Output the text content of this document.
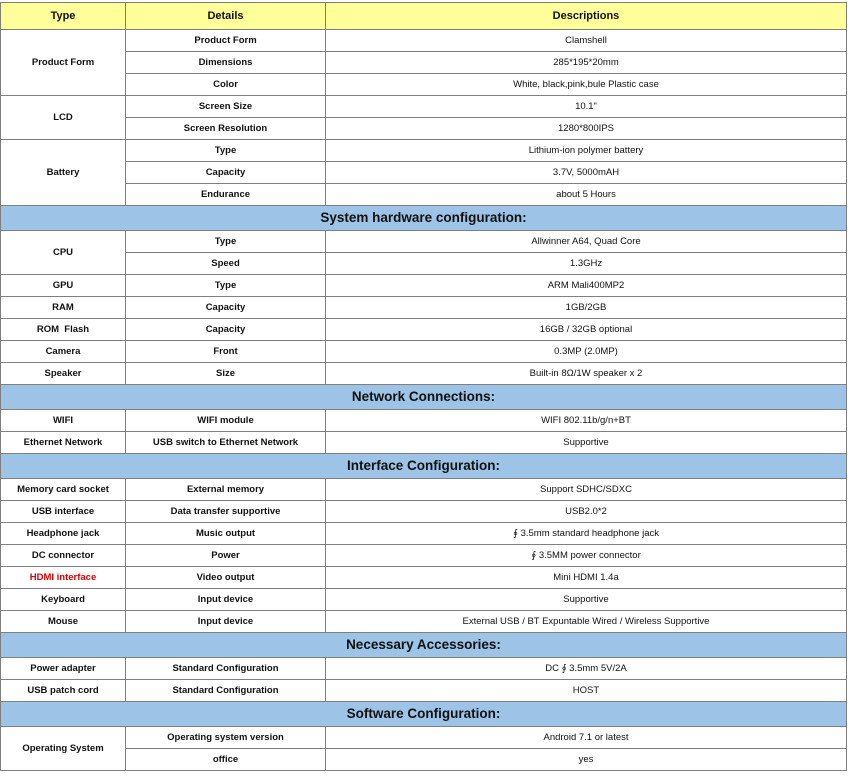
Type	Details	Descriptions
Product Form	Product Form	Clamshell
	Dimensions	285*195*20mm
	Color	White, black,pink,bule Plastic case
LCD	Screen Size	10.1"
	Screen Resolution	1280*800IPS
Battery	Type	Lithium-ion polymer battery
	Capacity	3.7V, 5000mAH
	Endurance	about 5 Hours
System hardware configuration:		
CPU	Type	Allwinner A64, Quad Core
	Speed	1.3GHz
GPU	Type	ARM Mali400MP2
RAM	Capacity	1GB/2GB
ROM  Flash	Capacity	16GB / 32GB optional
Camera	Front	0.3MP (2.0MP)
Speaker	Size	Built-in 8Ω/1W speaker x 2
Network Connections:		
WIFI	WIFI module	WIFI 802.11b/g/n+BT
Ethernet Network	USB switch to Ethernet Network	Supportive
Interface Configuration:		
Memory card socket	External memory	Support SDHC/SDXC
USB interface	Data transfer supportive	USB2.0*2
Headphone jack	Music output	∮ 3.5mm standard headphone jack
DC connector	Power	∮ 3.5MM power connector
HDMI interface	Video output	Mini HDMI 1.4a
Keyboard	Input device	Supportive
Mouse	Input device	External USB / BT Expuntable Wired / Wireless Supportive
Necessary Accessories:		
Power adapter	Standard Configuration	DC ∮ 3.5mm 5V/2A
USB patch cord	Standard Configuration	HOST
Software Configuration:		
Operating System	Operating system version	Android 7.1 or latest
	office	yes
